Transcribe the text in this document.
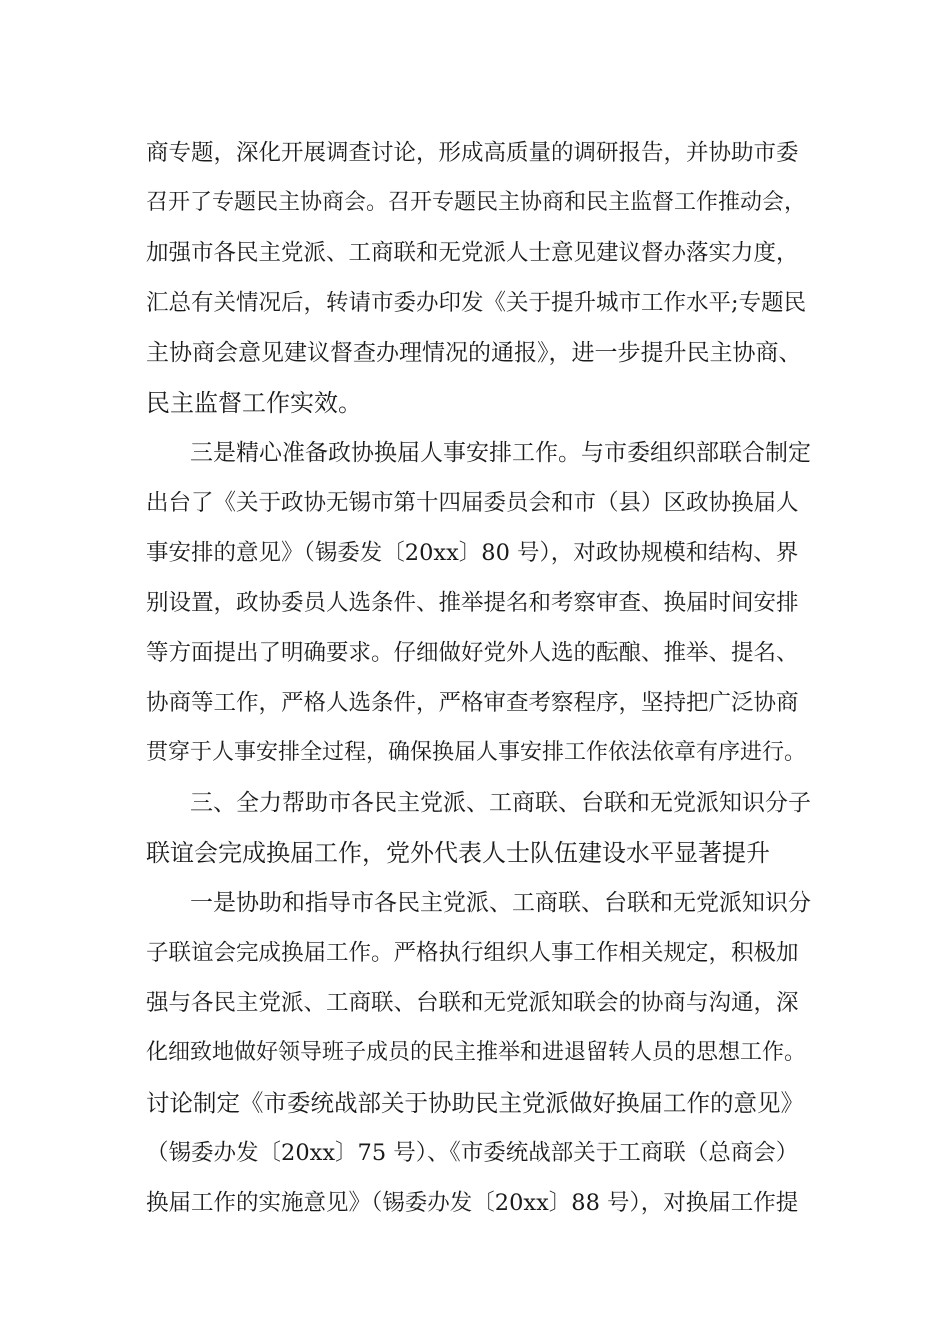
商专题，深化开展调查讨论，形成高质量的调研报告，并协助市委
召开了专题民主协商会。召开专题民主协商和民主监督工作推动会，
加强市各民主党派、工商联和无党派人士意见建议督办落实力度，
汇总有关情况后，转请市委办印发《关于提升城市工作水平;专题民
主协商会意见建议督查办理情况的通报》，进一步提升民主协商、
民主监督工作实效。
三是精心准备政协换届人事安排工作。与市委组织部联合制定
出台了《关于政协无锡市第十四届委员会和市（县）区政协换届人
事安排的意见》（锡委发〔20xx〕80 号），对政协规模和结构、界
别设置，政协委员人选条件、推举提名和考察审查、换届时间安排
等方面提出了明确要求。仔细做好党外人选的酝酿、推举、提名、
协商等工作，严格人选条件，严格审查考察程序，坚持把广泛协商
贯穿于人事安排全过程，确保换届人事安排工作依法依章有序进行。
三、全力帮助市各民主党派、工商联、台联和无党派知识分子
联谊会完成换届工作，党外代表人士队伍建设水平显著提升
一是协助和指导市各民主党派、工商联、台联和无党派知识分
子联谊会完成换届工作。严格执行组织人事工作相关规定，积极加
强与各民主党派、工商联、台联和无党派知联会的协商与沟通，深
化细致地做好领导班子成员的民主推举和进退留转人员的思想工作。
讨论制定《市委统战部关于协助民主党派做好换届工作的意见》
（锡委办发〔20xx〕75 号）、《市委统战部关于工商联（总商会）
换届工作的实施意见》（锡委办发〔20xx〕88 号），对换届工作提
